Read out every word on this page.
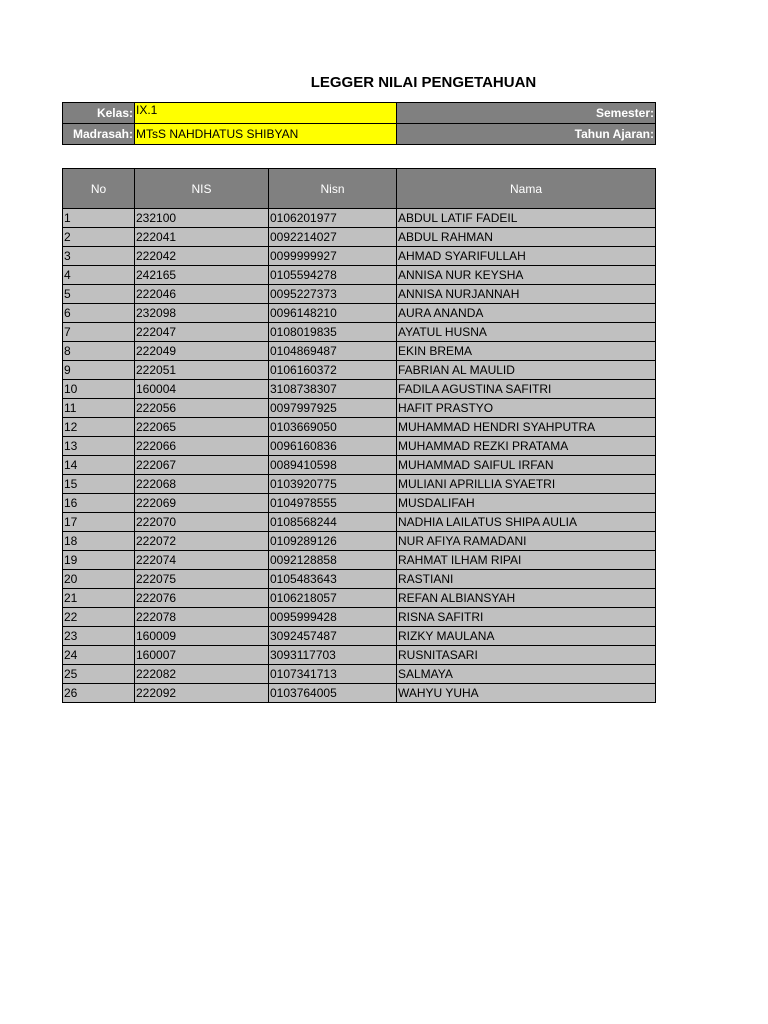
LEGGER NILAI PENGETAHUAN
Kelas:	IX.1	Semester:
Madrasah:	MTsS NAHDHATUS SHIBYAN	Tahun Ajaran:
No	NIS	Nisn	Nama
1	232100	0106201977	ABDUL LATIF FADEIL
2	222041	0092214027	ABDUL RAHMAN
3	222042	0099999927	AHMAD SYARIFULLAH
4	242165	0105594278	ANNISA NUR KEYSHA
5	222046	0095227373	ANNISA NURJANNAH
6	232098	0096148210	AURA ANANDA
7	222047	0108019835	AYATUL HUSNA
8	222049	0104869487	EKIN BREMA
9	222051	0106160372	FABRIAN AL MAULID
10	160004	3108738307	FADILA AGUSTINA SAFITRI
11	222056	0097997925	HAFIT PRASTYO
12	222065	0103669050	MUHAMMAD HENDRI SYAHPUTRA
13	222066	0096160836	MUHAMMAD REZKI PRATAMA
14	222067	0089410598	MUHAMMAD SAIFUL IRFAN
15	222068	0103920775	MULIANI APRILLIA SYAETRI
16	222069	0104978555	MUSDALIFAH
17	222070	0108568244	NADHIA LAILATUS SHIPA AULIA
18	222072	0109289126	NUR AFIYA RAMADANI
19	222074	0092128858	RAHMAT ILHAM RIPAI
20	222075	0105483643	RASTIANI
21	222076	0106218057	REFAN ALBIANSYAH
22	222078	0095999428	RISNA SAFITRI
23	160009	3092457487	RIZKY MAULANA
24	160007	3093117703	RUSNITASARI
25	222082	0107341713	SALMAYA
26	222092	0103764005	WAHYU YUHA
